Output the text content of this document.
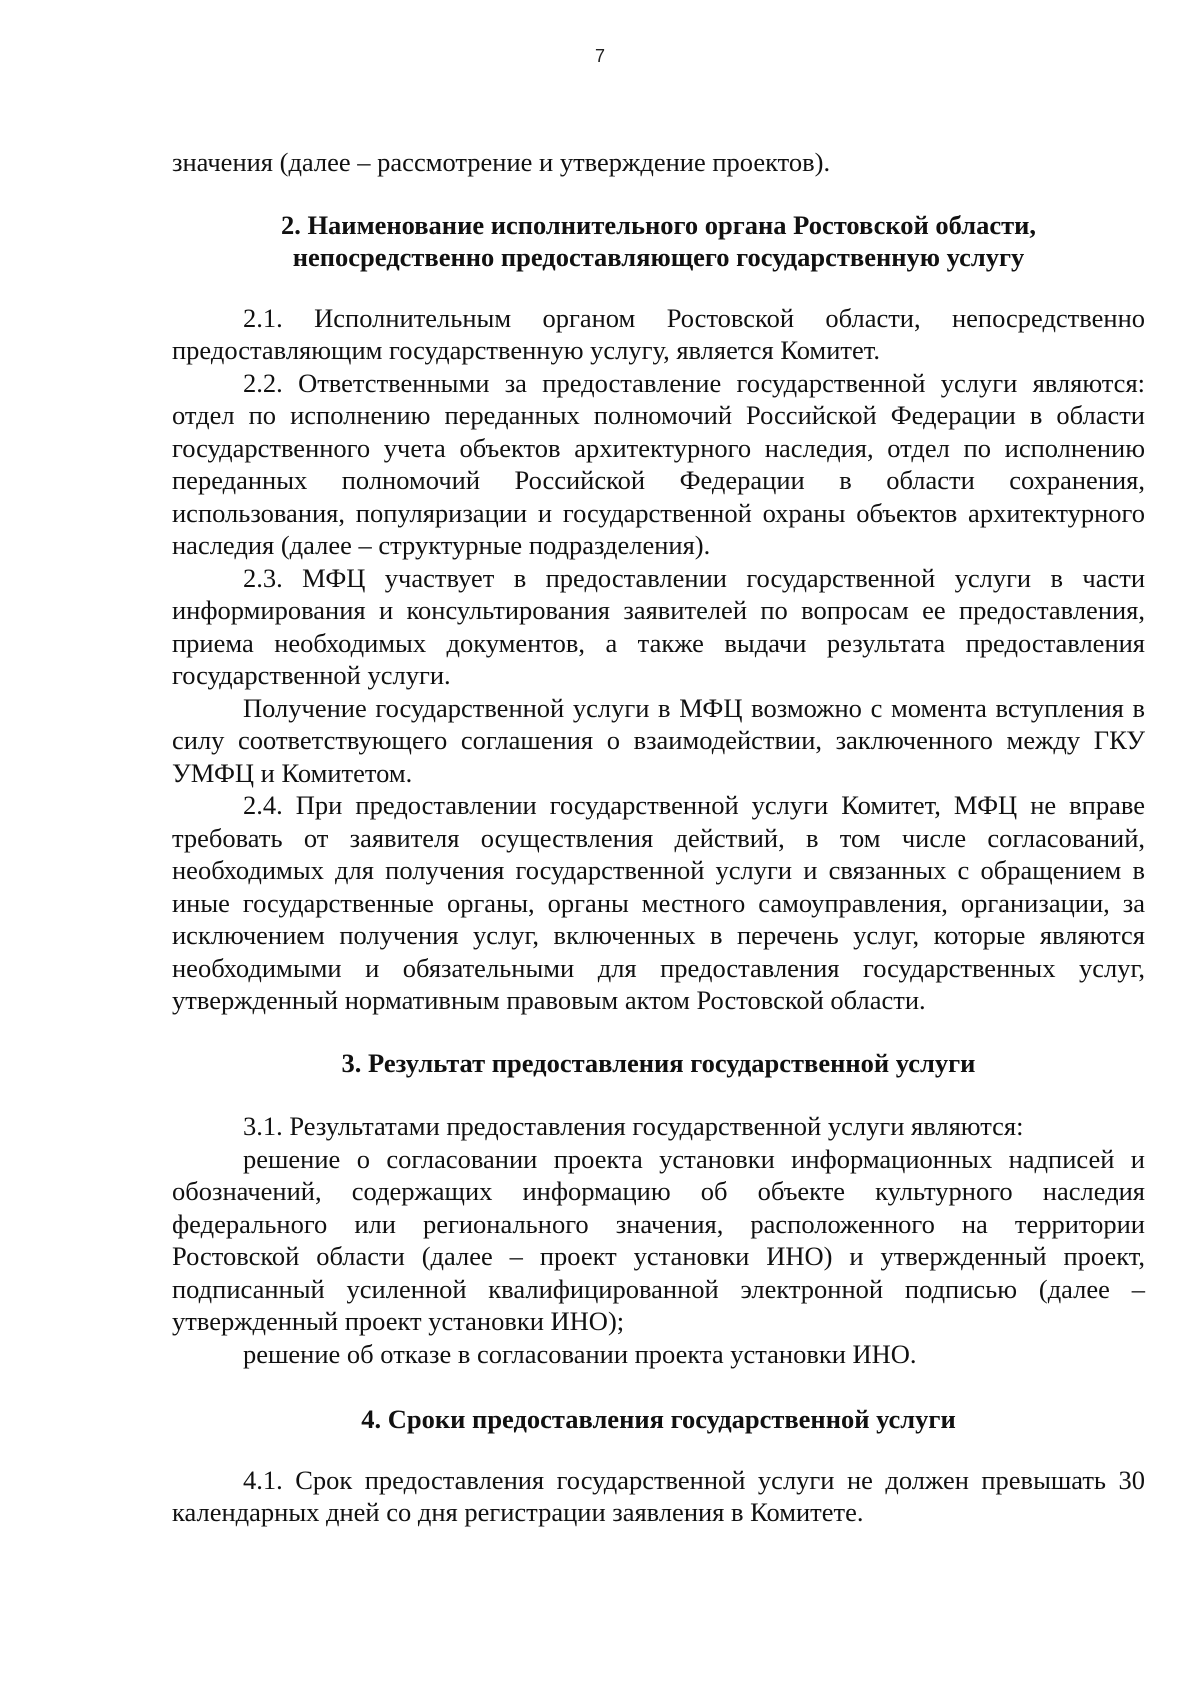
7

значения (далее – рассмотрение и утверждение проектов).

2. Наименование исполнительного органа Ростовской области,
непосредственно предоставляющего государственную услугу

2.1. Исполнительным органом Ростовской области, непосредственно предоставляющим государственную услугу, является Комитет.

2.2. Ответственными за предоставление государственной услуги являются: отдел по исполнению переданных полномочий Российской Федерации в области государственного учета объектов архитектурного наследия, отдел по исполнению переданных полномочий Российской Федерации в области сохранения, использования, популяризации и государственной охраны объектов архитектурного наследия (далее – структурные подразделения).

2.3. МФЦ участвует в предоставлении государственной услуги в части информирования и консультирования заявителей по вопросам ее предоставления, приема необходимых документов, а также выдачи результата предоставления государственной услуги.

Получение государственной услуги в МФЦ возможно с момента вступления в силу соответствующего соглашения о взаимодействии, заключенного между ГКУ УМФЦ и Комитетом.

2.4. При предоставлении государственной услуги Комитет, МФЦ не вправе требовать от заявителя осуществления действий, в том числе согласований, необходимых для получения государственной услуги и связанных с обращением в иные государственные органы, органы местного самоуправления, организации, за исключением получения услуг, включенных в перечень услуг, которые являются необходимыми и обязательными для предоставления государственных услуг, утвержденный нормативным правовым актом Ростовской области.

3. Результат предоставления государственной услуги

3.1. Результатами предоставления государственной услуги являются:

решение о согласовании проекта установки информационных надписей и обозначений, содержащих информацию об объекте культурного наследия федерального или регионального значения, расположенного на территории Ростовской области (далее – проект установки ИНО) и утвержденный проект, подписанный усиленной квалифицированной электронной подписью (далее – утвержденный проект установки ИНО);

решение об отказе в согласовании проекта установки ИНО.

4. Сроки предоставления государственной услуги

4.1. Срок предоставления государственной услуги не должен превышать 30 календарных дней со дня регистрации заявления в Комитете.
